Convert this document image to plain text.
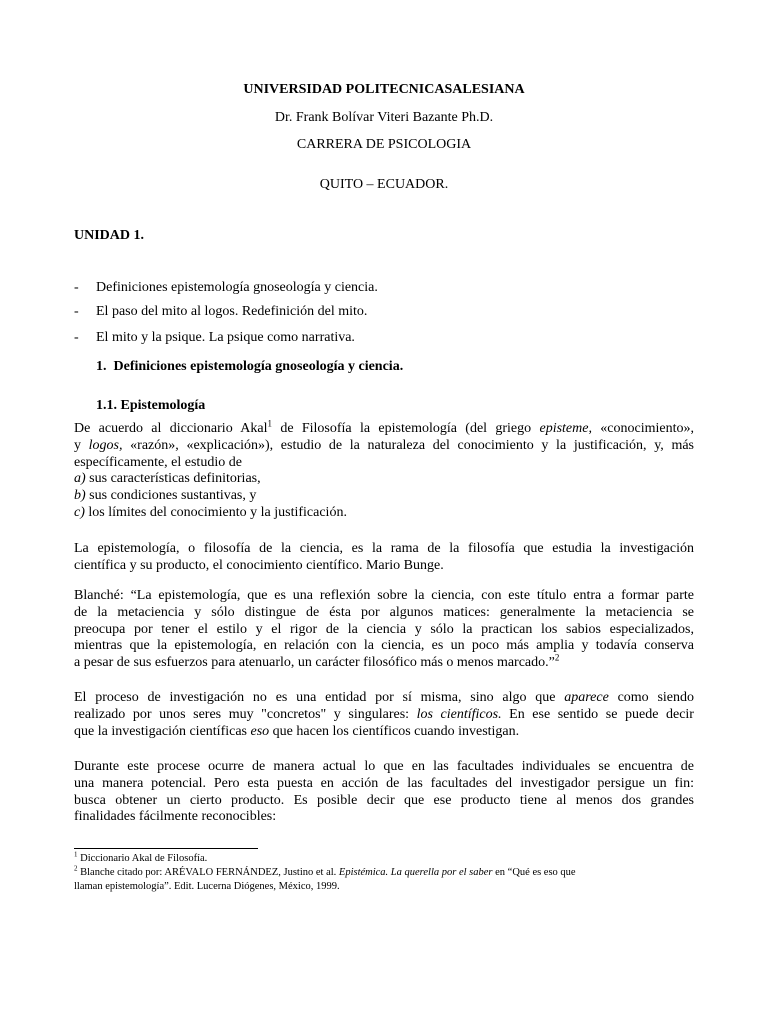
UNIVERSIDAD POLITECNICASALESIANA
Dr. Frank Bolívar Viteri Bazante Ph.D.
CARRERA DE PSICOLOGIA
QUITO – ECUADOR.
UNIDAD 1.
- Definiciones epistemología gnoseología y ciencia.
- El paso del mito al logos. Redefinición del mito.
- El mito y la psique. La psique como narrativa.
1. Definiciones epistemología gnoseología y ciencia.
1.1. Epistemología
De acuerdo al diccionario Akal$^1$ de Filosofía la epistemología (del griego episteme, «conocimiento»,
y logos, «razón», «explicación»), estudio de la naturaleza del conocimiento y la justificación, y, más
específicamente, el estudio de
a) sus características definitorias,
b) sus condiciones sustantivas, y
c) los límites del conocimiento y la justificación.
La epistemología, o filosofía de la ciencia, es la rama de la filosofía que estudia la investigación
científica y su producto, el conocimiento científico. Mario Bunge.
Blanché: “La epistemología, que es una reflexión sobre la ciencia, con este título entra a formar parte
de la metaciencia y sólo distingue de ésta por algunos matices: generalmente la metaciencia se
preocupa por tener el estilo y el rigor de la ciencia y sólo la practican los sabios especializados,
mientras que la epistemología, en relación con la ciencia, es un poco más amplia y todavía conserva
a pesar de sus esfuerzos para atenuarlo, un carácter filosófico más o menos marcado.”$^2$
El proceso de investigación no es una entidad por sí misma, sino algo que aparece como siendo
realizado por unos seres muy "concretos" y singulares: los científicos. En ese sentido se puede decir
que la investigación científicas eso que hacen los científicos cuando investigan.
Durante este procese ocurre de manera actual lo que en las facultades individuales se encuentra de
una manera potencial. Pero esta puesta en acción de las facultades del investigador persigue un fin:
busca obtener un cierto producto. Es posible decir que ese producto tiene al menos dos grandes
finalidades fácilmente reconocibles:
$^1$ Diccionario Akal de Filosofía.
$^2$ Blanche citado por: ARÉVALO FERNÁNDEZ, Justino et al. Epistémica. La querella por el saber en “Qué es eso que
llaman epistemología”. Edit. Lucerna Diógenes, México, 1999.
